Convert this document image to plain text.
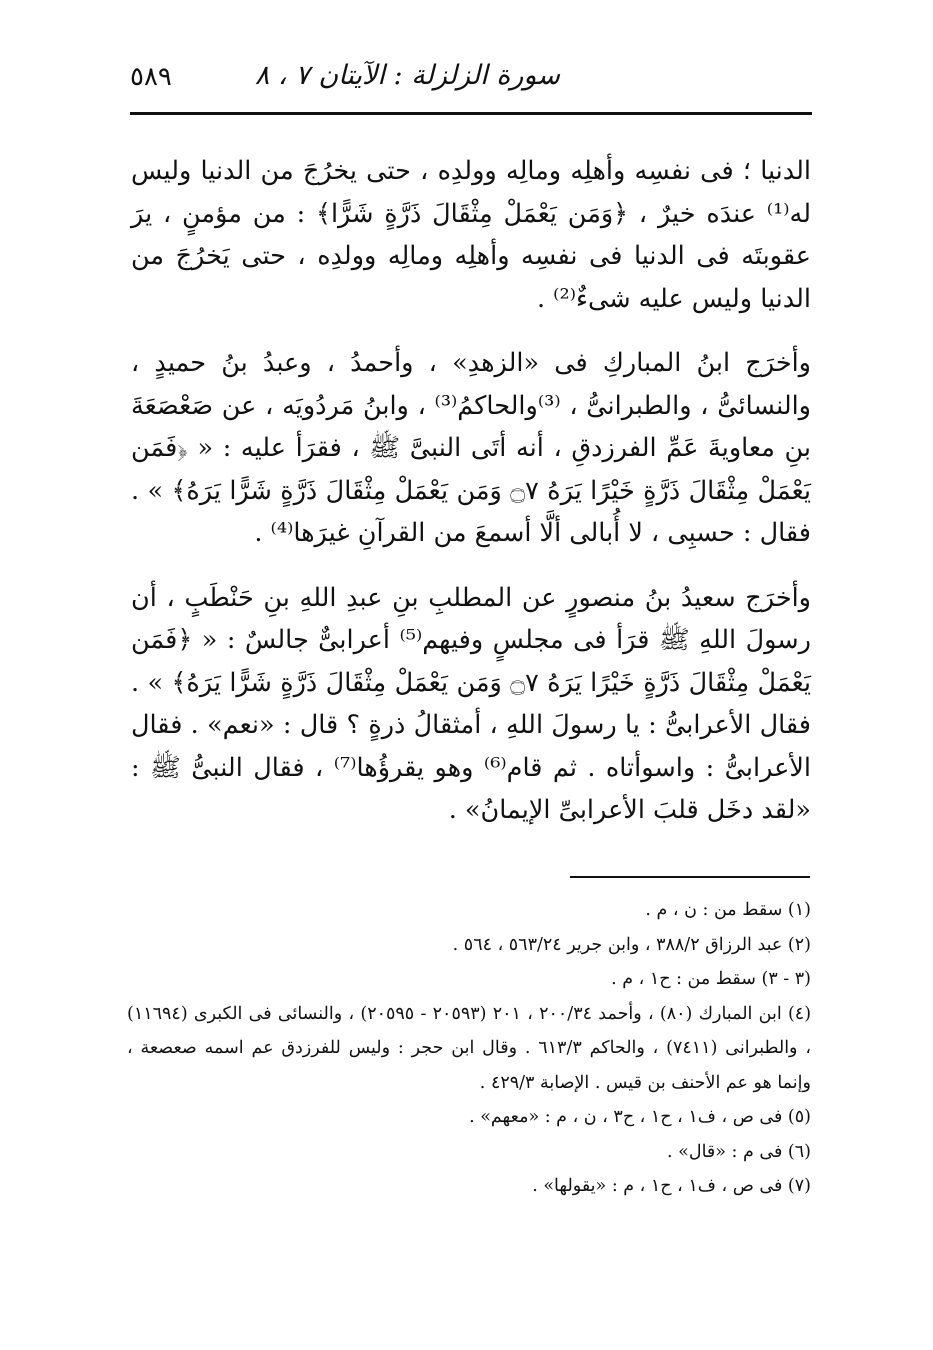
٥٨٩	سورة الزلزلة : الآيتان ٧ ، ٨

الدنيا ؛ فى نفسِه وأهلِه ومالِه وولدِه ، حتى يخرُجَ من الدنيا وليس له⁽¹⁾ عندَه خيرٌ ، ﴿وَمَن يَعْمَلْ مِثْقَالَ ذَرَّةٍ شَرًّا﴾ : من مؤمنٍ ، يرَ عقوبتَه فى الدنيا فى نفسِه وأهلِه ومالِه وولدِه ، حتى يَخرُجَ من الدنيا وليس عليه شىءٌ⁽²⁾ .

وأخرَج ابنُ المباركِ فى «الزهدِ» ، وأحمدُ ، وعبدُ بنُ حميدٍ ، والنسائىُّ ، والطبرانىُّ ، ⁽³⁾والحاكمُ⁽³⁾ ، وابنُ مَردُويَه ، عن صَعْصَعَةَ بنِ معاويةَ عَمِّ الفرزدقِ ، أنه أتَى النبىَّ ﷺ ، فقرَأ عليه : « ﴿فَمَن يَعْمَلْ مِثْقَالَ ذَرَّةٍ خَيْرًا يَرَهُ ۝٧ وَمَن يَعْمَلْ مِثْقَالَ ذَرَّةٍ شَرًّا يَرَهُ﴾ » . فقال : حسبِى ، لا أُبالى ألَّا أسمعَ من القرآنِ غيرَها⁽⁴⁾ .

وأخرَج سعيدُ بنُ منصورٍ عن المطلبِ بنِ عبدِ اللهِ بنِ حَنْطَبٍ ، أن رسولَ اللهِ ﷺ قرَأ فى مجلسٍ وفيهم⁽⁵⁾ أعرابىٌّ جالسٌ : « ﴿فَمَن يَعْمَلْ مِثْقَالَ ذَرَّةٍ خَيْرًا يَرَهُ ۝٧ وَمَن يَعْمَلْ مِثْقَالَ ذَرَّةٍ شَرًّا يَرَهُ﴾ » . فقال الأعرابىُّ : يا رسولَ اللهِ ، أمثقالُ ذرةٍ ؟ قال : «نعم» . فقال الأعرابىُّ : واسوأتاه . ثم قام⁽⁶⁾ وهو يقرؤُها⁽⁷⁾ ، فقال النبىُّ ﷺ : «لقد دخَل قلبَ الأعرابىِّ الإيمانُ» .

(١) سقط من : ن ، م .

(٢) عبد الرزاق ٣٨٨/٢ ، وابن جرير ٥٦٣/٢٤ ، ٥٦٤ .

(٣ - ٣) سقط من : ح١ ، م .

(٤) ابن المبارك (٨٠) ، وأحمد ٢٠٠/٣٤ ، ٢٠١ (٢٠٥٩٣ - ٢٠٥٩٥) ، والنسائى فى الكبرى (١١٦٩٤) ، والطبرانى (٧٤١١) ، والحاكم ٦١٣/٣ . وقال ابن حجر : وليس للفرزدق عم اسمه صعصعة ، وإنما هو عم الأحنف بن قيس . الإصابة ٤٢٩/٣ .

(٥) فى ص ، ف١ ، ح١ ، ح٣ ، ن ، م : «معهم» .

(٦) فى م : «قال» .

(٧) فى ص ، ف١ ، ح١ ، م : «يقولها» .
